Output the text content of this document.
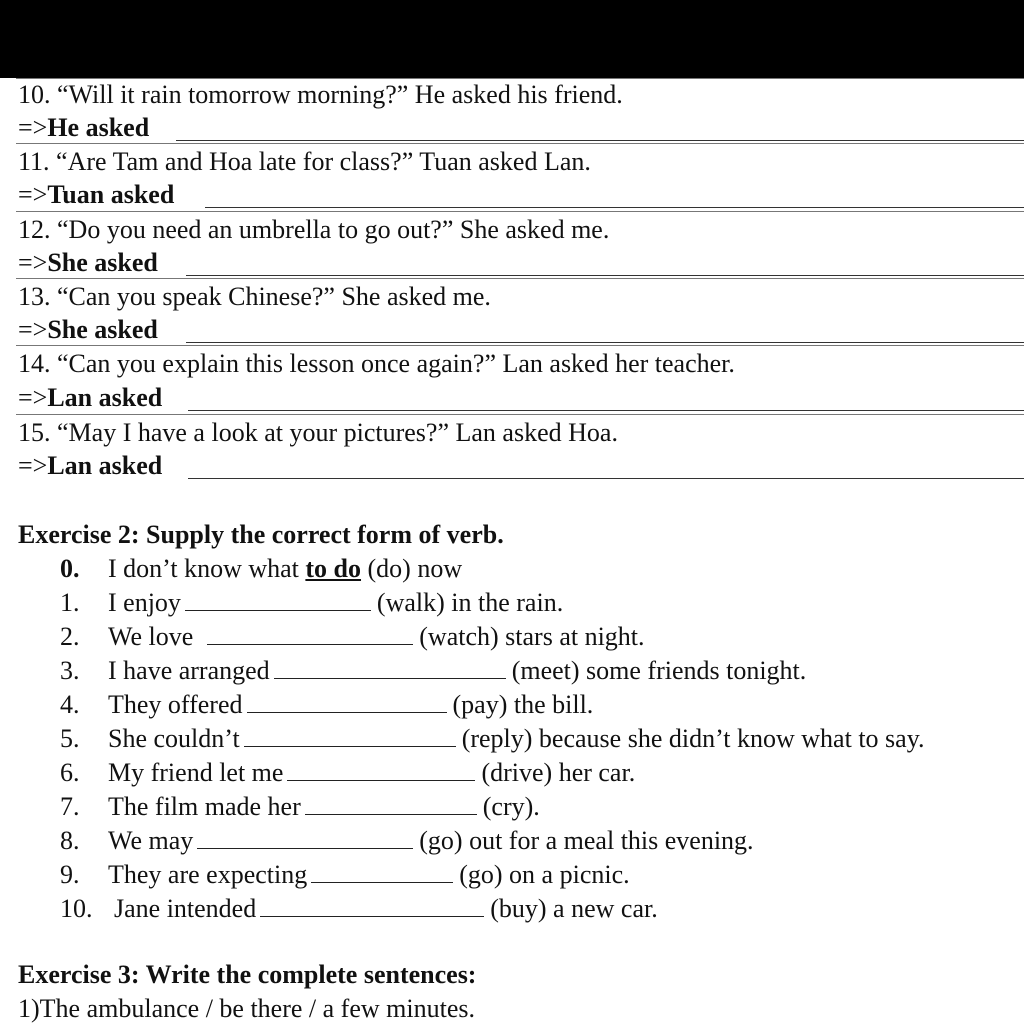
10. “Will it rain tomorrow morning?” He asked his friend.
=>He asked
11. “Are Tam and Hoa late for class?” Tuan asked Lan.
=>Tuan asked
12. “Do you need an umbrella to go out?” She asked me.
=>She asked
13. “Can you speak Chinese?” She asked me.
=>She asked
14. “Can you explain this lesson once again?” Lan asked her teacher.
=>Lan asked
15. “May I have a look at your pictures?” Lan asked Hoa.
=>Lan asked
Exercise 2: Supply the correct form of verb.
0. I don’t know what to do (do) now
1. I enjoy	(walk) in the rain.
2. We love	(watch) stars at night.
3. I have arranged	(meet) some friends tonight.
4. They offered	(pay) the bill.
5. She couldn’t	(reply) because she didn’t know what to say.
6. My friend let me	(drive) her car.
7. The film made her	(cry).
8. We may	(go) out for a meal this evening.
9. They are expecting	(go) on a picnic.
10. Jane intended	(buy) a new car.
Exercise 3: Write the complete sentences:
1)The ambulance / be there / a few minutes.
